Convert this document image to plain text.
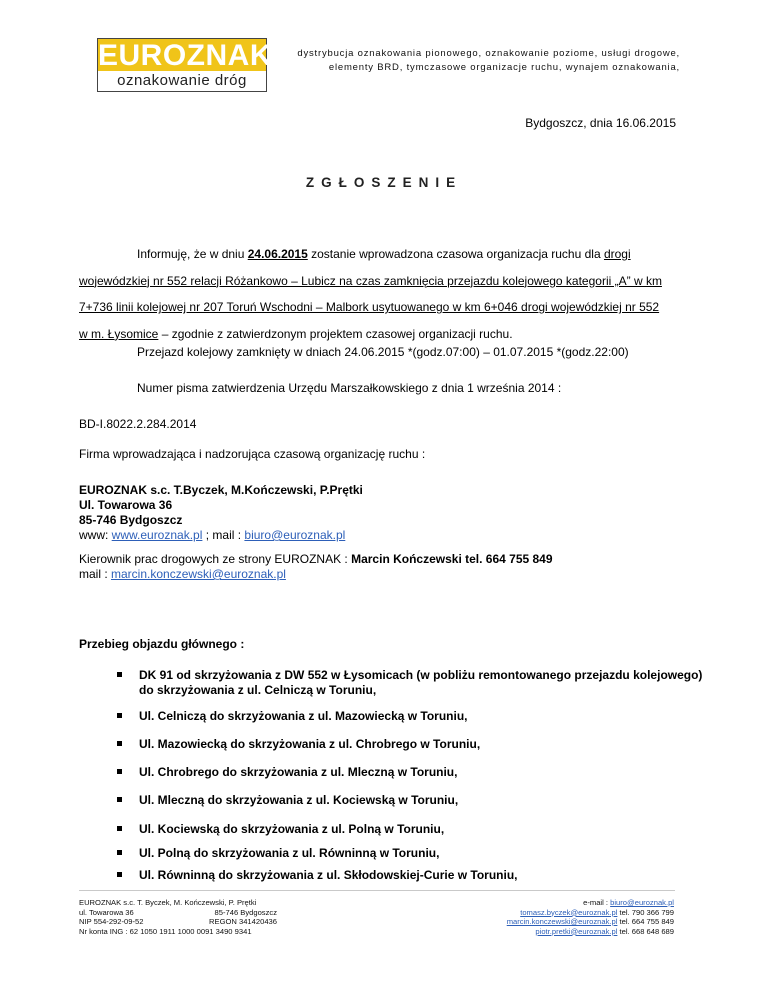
EUROZNAK
oznakowanie dróg
dystrybucja oznakowania pionowego, oznakowanie poziome, usługi drogowe,
elementy BRD, tymczasowe organizacje ruchu, wynajem oznakowania,
Bydgoszcz, dnia 16.06.2015
ZGŁOSZENIE
Informuję, że w dniu 24.06.2015 zostanie wprowadzona czasowa organizacja ruchu dla drogi
wojewódzkiej nr 552 relacji Różankowo – Lubicz na czas zamknięcia przejazdu kolejowego kategorii „A” w km
7+736 linii kolejowej nr 207 Toruń Wschodni – Malbork usytuowanego w km 6+046 drogi wojewódzkiej nr 552
w m. Łysomice – zgodnie z zatwierdzonym projektem czasowej organizacji ruchu.
Przejazd kolejowy zamknięty w dniach 24.06.2015 *(godz.07:00) – 01.07.2015 *(godz.22:00)
Numer pisma zatwierdzenia Urzędu Marszałkowskiego z dnia 1 września 2014 :
BD-I.8022.2.284.2014
Firma wprowadzająca i nadzorująca czasową organizację ruchu :
EUROZNAK s.c. T.Byczek, M.Kończewski, P.Prętki
Ul. Towarowa 36
85-746 Bydgoszcz
www: www.euroznak.pl ; mail : biuro@euroznak.pl
Kierownik prac drogowych ze strony EUROZNAK : Marcin Kończewski tel. 664 755 849
mail : marcin.konczewski@euroznak.pl
Przebieg objazdu głównego :
DK 91 od skrzyżowania z DW 552 w Łysomicach (w pobliżu remontowanego przejazdu kolejowego)
do skrzyżowania z ul. Celniczą w Toruniu,
Ul. Celniczą do skrzyżowania z ul. Mazowiecką w Toruniu,
Ul. Mazowiecką do skrzyżowania z ul. Chrobrego w Toruniu,
Ul. Chrobrego do skrzyżowania z ul. Mleczną w Toruniu,
Ul. Mleczną do skrzyżowania z ul. Kociewską w Toruniu,
Ul. Kociewską do skrzyżowania z ul. Polną w Toruniu,
Ul. Polną do skrzyżowania z ul. Równinną w Toruniu,
Ul. Równinną do skrzyżowania z ul. Skłodowskiej-Curie w Toruniu,
EUROZNAK s.c. T. Byczek, M. Kończewski, P. Prętki
ul. Towarowa 36	85-746 Bydgoszcz
NIP 554-292-09-52	REGON 341420436
Nr konta ING : 62 1050 1911 1000 0091 3490 9341
e-mail : biuro@euroznak.pl
tomasz.byczek@euroznak.pl tel. 790 366 799
marcin.konczewski@euroznak.pl tel. 664 755 849
piotr.pretki@euroznak.pl tel. 668 648 689
